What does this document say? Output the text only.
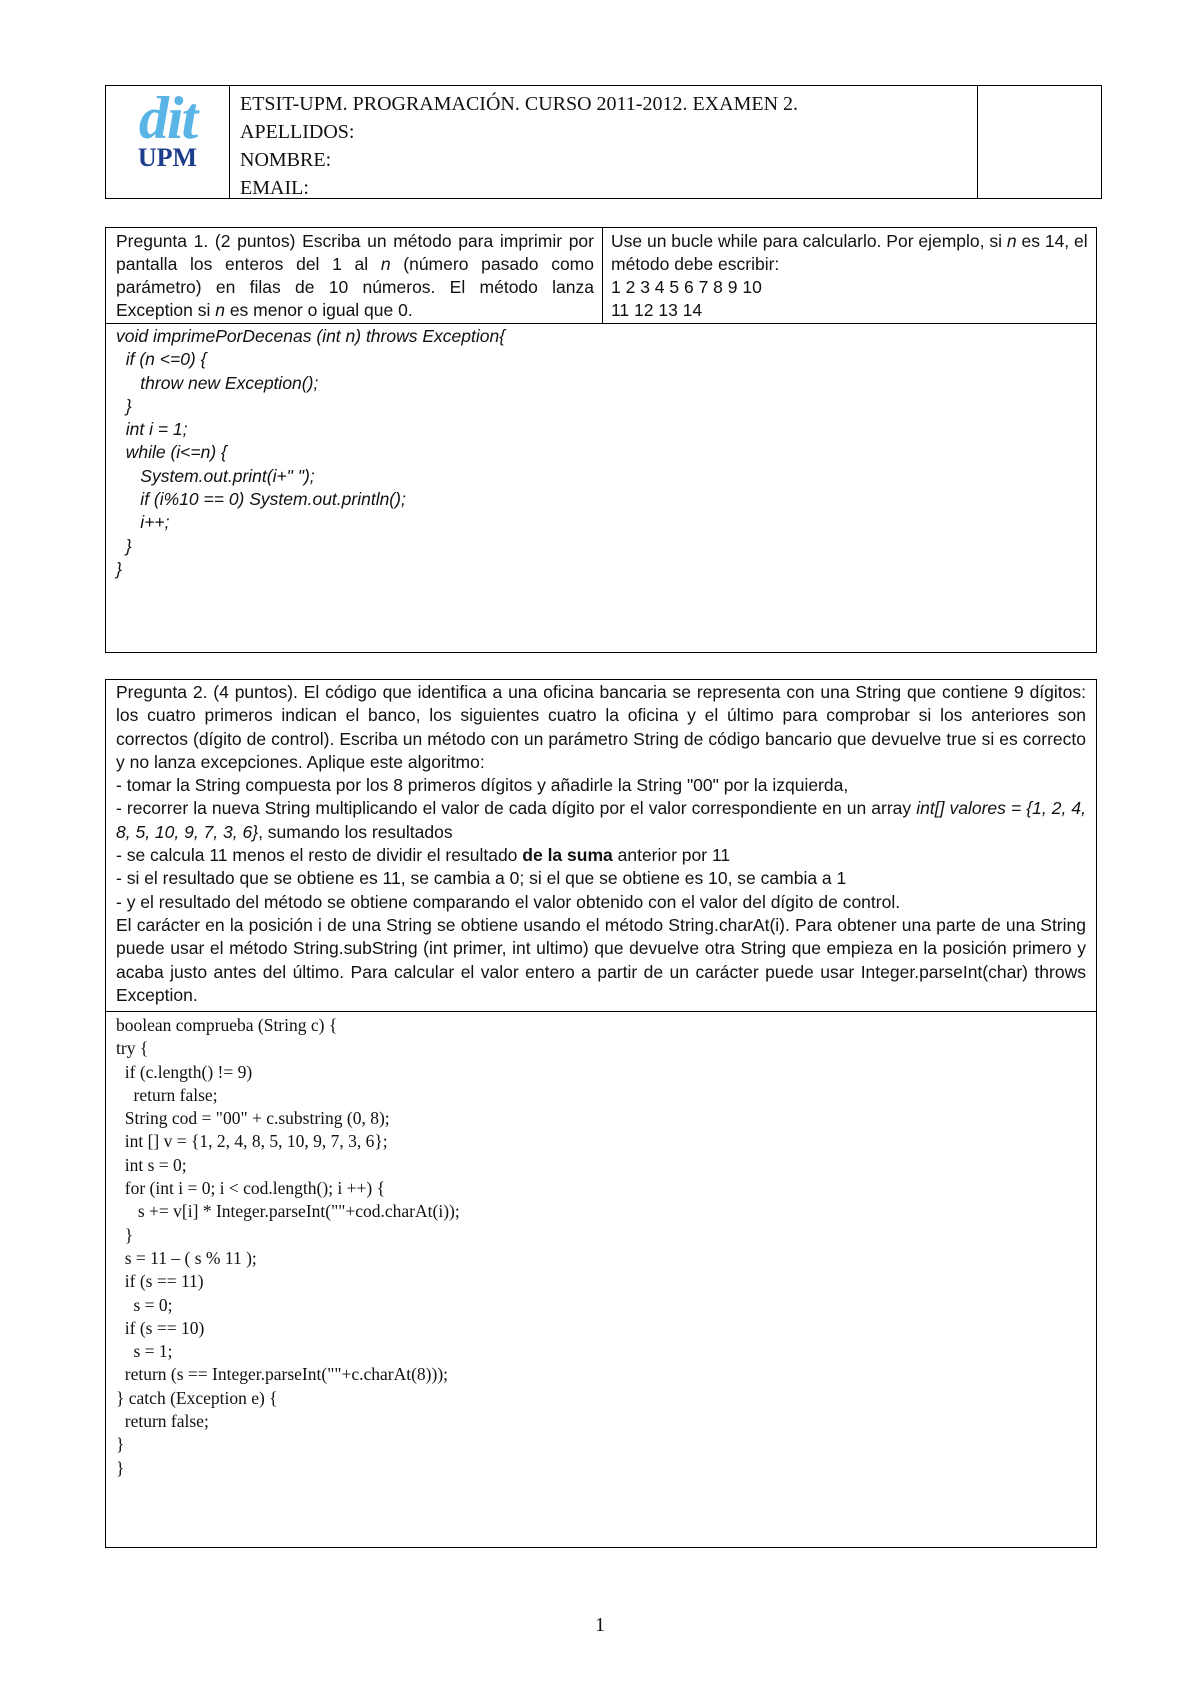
dit
UPM
ETSIT-UPM. PROGRAMACIÓN. CURSO 2011-2012. EXAMEN 2.
APELLIDOS:
NOMBRE:
EMAIL:
Pregunta 1. (2 puntos) Escriba un método para imprimir por pantalla los enteros del 1 al n (número pasado como parámetro) en filas de 10 números. El método lanza Exception si n es menor o igual que 0.
Use un bucle while para calcularlo. Por ejemplo, si n es 14, el método debe escribir:
1 2 3 4 5 6 7 8 9 10
11 12 13 14
void imprimePorDecenas (int n) throws Exception{
if (n <=0) {
throw new Exception();
}
int i = 1;
while (i<=n) {
System.out.print(i+" ");
if (i%10 == 0) System.out.println();
i++;
}
}

Pregunta 2. (4 puntos). El código que identifica a una oficina bancaria se representa con una String que contiene 9 dígitos: los cuatro primeros indican el banco, los siguientes cuatro la oficina y el último para comprobar si los anteriores son correctos (dígito de control). Escriba un método con un parámetro String de código bancario que devuelve true si es correcto y no lanza excepciones. Aplique este algoritmo:

- tomar la String compuesta por los 8 primeros dígitos y añadirle la String "00" por la izquierda,

- recorrer la nueva String multiplicando el valor de cada dígito por el valor correspondiente en un array int[] valores = {1, 2, 4, 8, 5, 10, 9, 7, 3, 6}, sumando los resultados

- se calcula 11 menos el resto de dividir el resultado de la suma anterior por 11

- si el resultado que se obtiene es 11, se cambia a 0; si el que se obtiene es 10, se cambia a 1

- y el resultado del método se obtiene comparando el valor obtenido con el valor del dígito de control.

El carácter en la posición i de una String se obtiene usando el método String.charAt(i). Para obtener una parte de una String puede usar el método String.subString (int primer, int ultimo) que devuelve otra String que empieza en la posición primero y acaba justo antes del último. Para calcular el valor entero a partir de un carácter puede usar Integer.parseInt(char) throws Exception.

boolean comprueba (String c) {
try {
if (c.length() != 9)
return false;
String cod = "00" + c.substring (0, 8);
int [] v = {1, 2, 4, 8, 5, 10, 9, 7, 3, 6};
int s = 0;
for (int i = 0; i < cod.length(); i ++) {
s += v[i] * Integer.parseInt(""+cod.charAt(i));
}
s = 11 – ( s % 11 );
if (s == 11)
s = 0;
if (s == 10)
s = 1;
return (s == Integer.parseInt(""+c.charAt(8)));
} catch (Exception e) {
return false;
}
}
1
